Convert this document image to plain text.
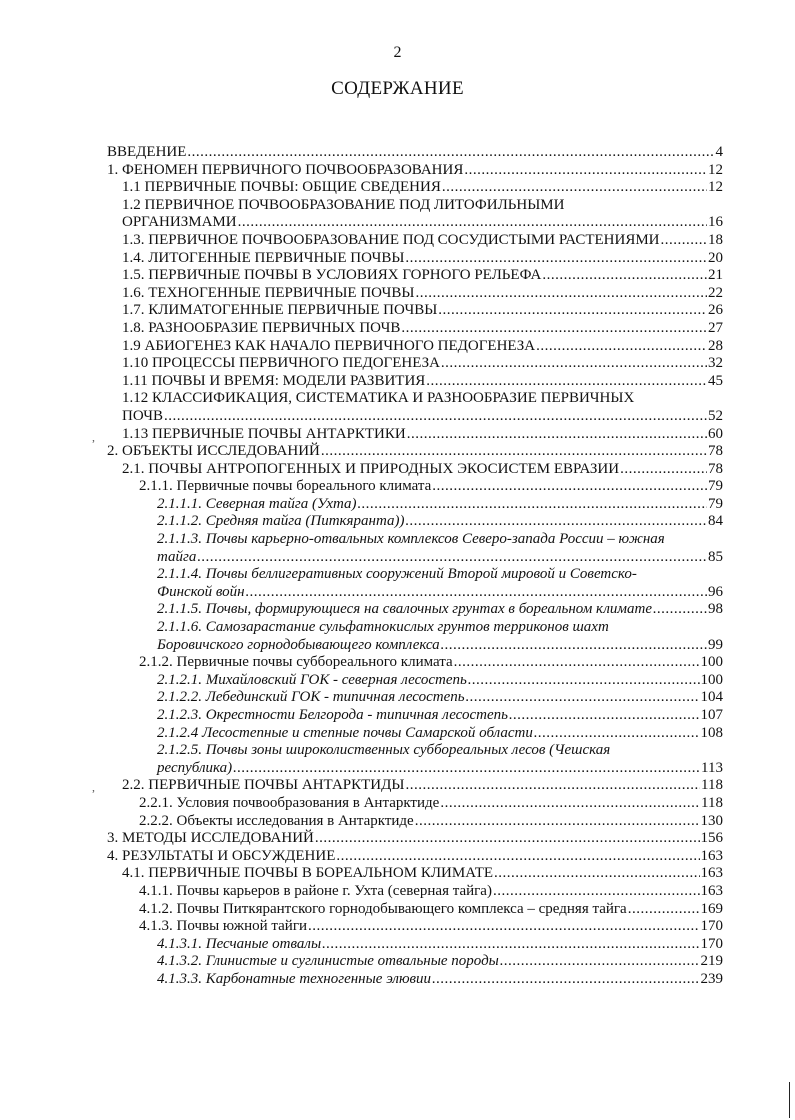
2
СОДЕРЖАНИЕ
ВВЕДЕНИЕ .....	4
1. ФЕНОМЕН ПЕРВИЧНОГО ПОЧВООБРАЗОВАНИЯ .....	12
1.1 ПЕРВИЧНЫЕ ПОЧВЫ: ОБЩИЕ СВЕДЕНИЯ .....	12
1.2 ПЕРВИЧНОЕ ПОЧВООБРАЗОВАНИЕ ПОД ЛИТОФИЛЬНЫМИ
ОРГАНИЗМАМИ .....	16
1.3. ПЕРВИЧНОЕ ПОЧВООБРАЗОВАНИЕ ПОД СОСУДИСТЫМИ РАСТЕНИЯМИ .....	18
1.4. ЛИТОГЕННЫЕ ПЕРВИЧНЫЕ ПОЧВЫ .....	20
1.5. ПЕРВИЧНЫЕ ПОЧВЫ В УСЛОВИЯХ ГОРНОГО РЕЛЬЕФА .....	21
1.6. ТЕХНОГЕННЫЕ ПЕРВИЧНЫЕ ПОЧВЫ .....	22
1.7. КЛИМАТОГЕННЫЕ ПЕРВИЧНЫЕ ПОЧВЫ .....	26
1.8. РАЗНООБРАЗИЕ ПЕРВИЧНЫХ ПОЧВ .....	27
1.9 АБИОГЕНЕЗ КАК НАЧАЛО ПЕРВИЧНОГО ПЕДОГЕНЕЗА .....	28
1.10 ПРОЦЕССЫ ПЕРВИЧНОГО ПЕДОГЕНЕЗА .....	32
1.11 ПОЧВЫ И ВРЕМЯ: МОДЕЛИ РАЗВИТИЯ .....	45
1.12 КЛАССИФИКАЦИЯ, СИСТЕМАТИКА И РАЗНООБРАЗИЕ ПЕРВИЧНЫХ
ПОЧВ .....	52
1.13 ПЕРВИЧНЫЕ ПОЧВЫ АНТАРКТИКИ .....	60
2. ОБЪЕКТЫ ИССЛЕДОВАНИЙ .....	78
2.1. ПОЧВЫ АНТРОПОГЕННЫХ И ПРИРОДНЫХ ЭКОСИСТЕМ ЕВРАЗИИ .....	78
2.1.1. Первичные почвы бореального климата .....	79
2.1.1.1. Северная тайга (Ухта) .....	79
2.1.1.2. Средняя тайга (Питкяранта)) .....	84
2.1.1.3. Почвы карьерно-отвальных комплексов Северо-запада России – южная
тайга .....	85
2.1.1.4. Почвы беллигеративных сооружений Второй мировой и Советско-
Финской войн .....	96
2.1.1.5. Почвы, формирующиеся на свалочных грунтах в бореальном климате .....	98
2.1.1.6. Самозарастание сульфатнокислых грунтов терриконов шахт
Боровичского горнодобывающего комплекса .....	99
2.1.2. Первичные почвы суббореального климата .....	100
2.1.2.1. Михайловский ГОК - северная лесостепь .....	100
2.1.2.2. Лебединский ГОК - типичная лесостепь .....	104
2.1.2.3. Окрестности Белгорода - типичная лесостепь .....	107
2.1.2.4 Лесостепные и степные почвы Самарской области .....	108
2.1.2.5. Почвы зоны широколиственных суббореальных лесов (Чешская
республика) .....	113
2.2. ПЕРВИЧНЫЕ ПОЧВЫ АНТАРКТИДЫ .....	118
2.2.1. Условия почвообразования в Антарктиде .....	118
2.2.2. Объекты исследования в Антарктиде .....	130
3. МЕТОДЫ ИССЛЕДОВАНИЙ .....	156
4. РЕЗУЛЬТАТЫ И ОБСУЖДЕНИЕ .....	163
4.1. ПЕРВИЧНЫЕ ПОЧВЫ В БОРЕАЛЬНОМ КЛИМАТЕ .....	163
4.1.1. Почвы карьеров в районе г. Ухта (северная тайга) .....	163
4.1.2. Почвы Питкярантского горнодобывающего комплекса – средняя тайга .....	169
4.1.3. Почвы южной тайги .....	170
4.1.3.1. Песчаные отвалы .....	170
4.1.3.2. Глинистые и суглинистые отвальные породы .....	219
4.1.3.3. Карбонатные техногенные элювии .....	239
,
,
